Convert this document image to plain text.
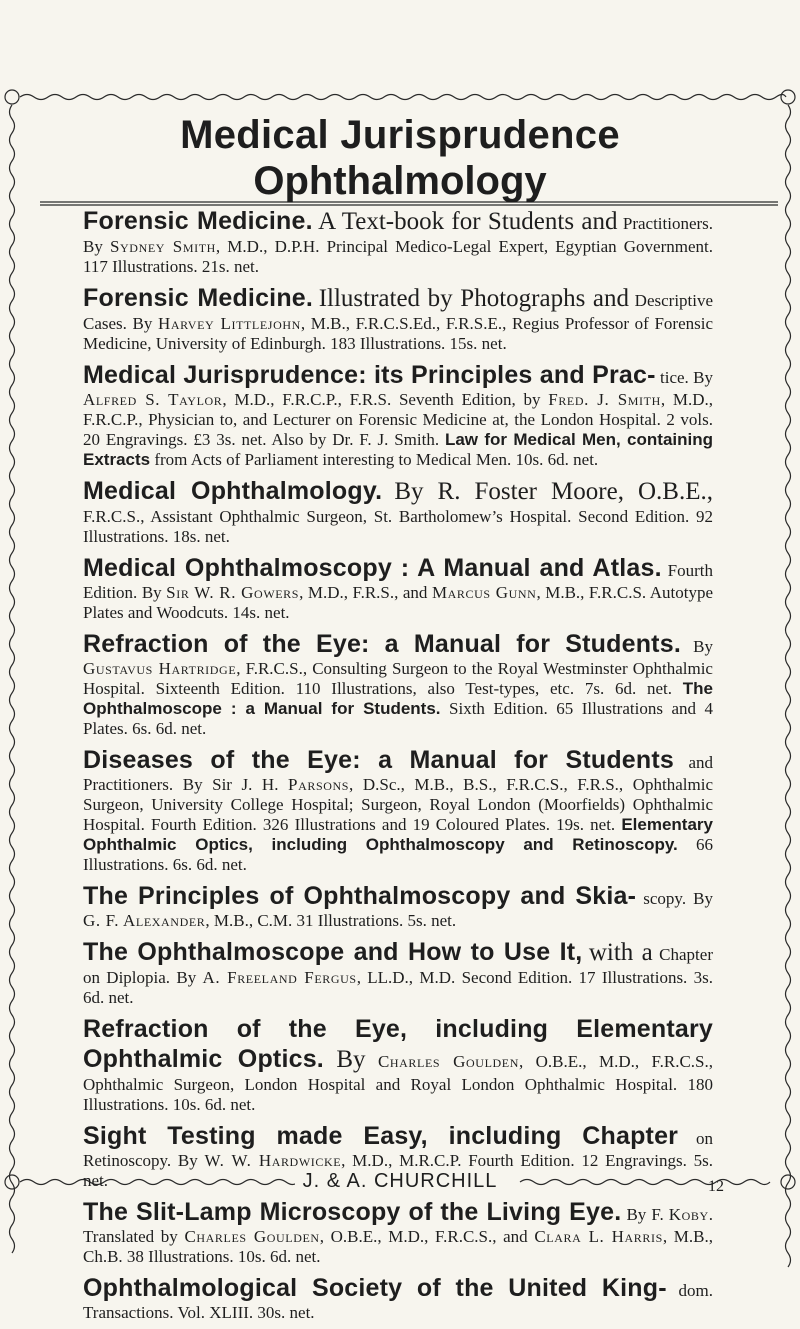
Medical Jurisprudence
Ophthalmology

Forensic Medicine. A Text-book for Students and Practitioners. By Sydney Smith, M.D., D.P.H. Principal Medico-Legal Expert, Egyptian Government. 117 Illustrations. 21s. net.

Forensic Medicine. Illustrated by Photographs and Descriptive Cases. By Harvey Littlejohn, M.B., F.R.C.S.Ed., F.R.S.E., Regius Professor of Forensic Medicine, University of Edinburgh. 183 Illustrations. 15s. net.

Medical Jurisprudence: its Principles and Prac- tice. By Alfred S. Taylor, M.D., F.R.C.P., F.R.S. Seventh Edition, by Fred. J. Smith, M.D., F.R.C.P., Physician to, and Lecturer on Forensic Medicine at, the London Hospital. 2 vols. 20 Engravings. £3 3s. net. Also by Dr. F. J. Smith. Law for Medical Men, containing Extracts from Acts of Parliament interesting to Medical Men. 10s. 6d. net.

Medical Ophthalmology. By R. Foster Moore, O.B.E., F.R.C.S., Assistant Ophthalmic Surgeon, St. Bartholomew’s Hospital. Second Edition. 92 Illustrations. 18s. net.

Medical Ophthalmoscopy : A Manual and Atlas. Fourth Edition. By Sir W. R. Gowers, M.D., F.R.S., and Marcus Gunn, M.B., F.R.C.S. Autotype Plates and Woodcuts. 14s. net.

Refraction of the Eye: a Manual for Students. By Gustavus Hartridge, F.R.C.S., Consulting Surgeon to the Royal Westminster Ophthalmic Hospital. Sixteenth Edition. 110 Illustrations, also Test-types, etc. 7s. 6d. net. The Ophthalmoscope : a Manual for Students. Sixth Edition. 65 Illustrations and 4 Plates. 6s. 6d. net.

Diseases of the Eye: a Manual for Students and Practitioners. By Sir J. H. Parsons, D.Sc., M.B., B.S., F.R.C.S., F.R.S., Ophthalmic Surgeon, University College Hospital; Surgeon, Royal London (Moorfields) Ophthalmic Hospital. Fourth Edition. 326 Illustrations and 19 Coloured Plates. 19s. net. Elementary Ophthalmic Optics, including Ophthalmoscopy and Retinoscopy. 66 Illustrations. 6s. 6d. net.

The Principles of Ophthalmoscopy and Skia- scopy. By G. F. Alexander, M.B., C.M. 31 Illustrations. 5s. net.

The Ophthalmoscope and How to Use It, with a Chapter on Diplopia. By A. Freeland Fergus, LL.D., M.D. Second Edition. 17 Illustrations. 3s. 6d. net.

Refraction of the Eye, including Elementary Ophthalmic Optics. By Charles Goulden, O.B.E., M.D., F.R.C.S., Ophthalmic Surgeon, London Hospital and Royal London Ophthalmic Hospital. 180 Illustrations. 10s. 6d. net.

Sight Testing made Easy, including Chapter on Retinoscopy. By W. W. Hardwicke, M.D., M.R.C.P. Fourth Edition. 12 Engravings. 5s. net.

The Slit-Lamp Microscopy of the Living Eye. By F. Koby. Translated by Charles Goulden, O.B.E., M.D., F.R.C.S., and Clara L. Harris, M.B., Ch.B. 38 Illustrations. 10s. 6d. net.

Ophthalmological Society of the United King- dom. Transactions. Vol. XLIII. 30s. net.

J. & A. CHURCHILL	12
